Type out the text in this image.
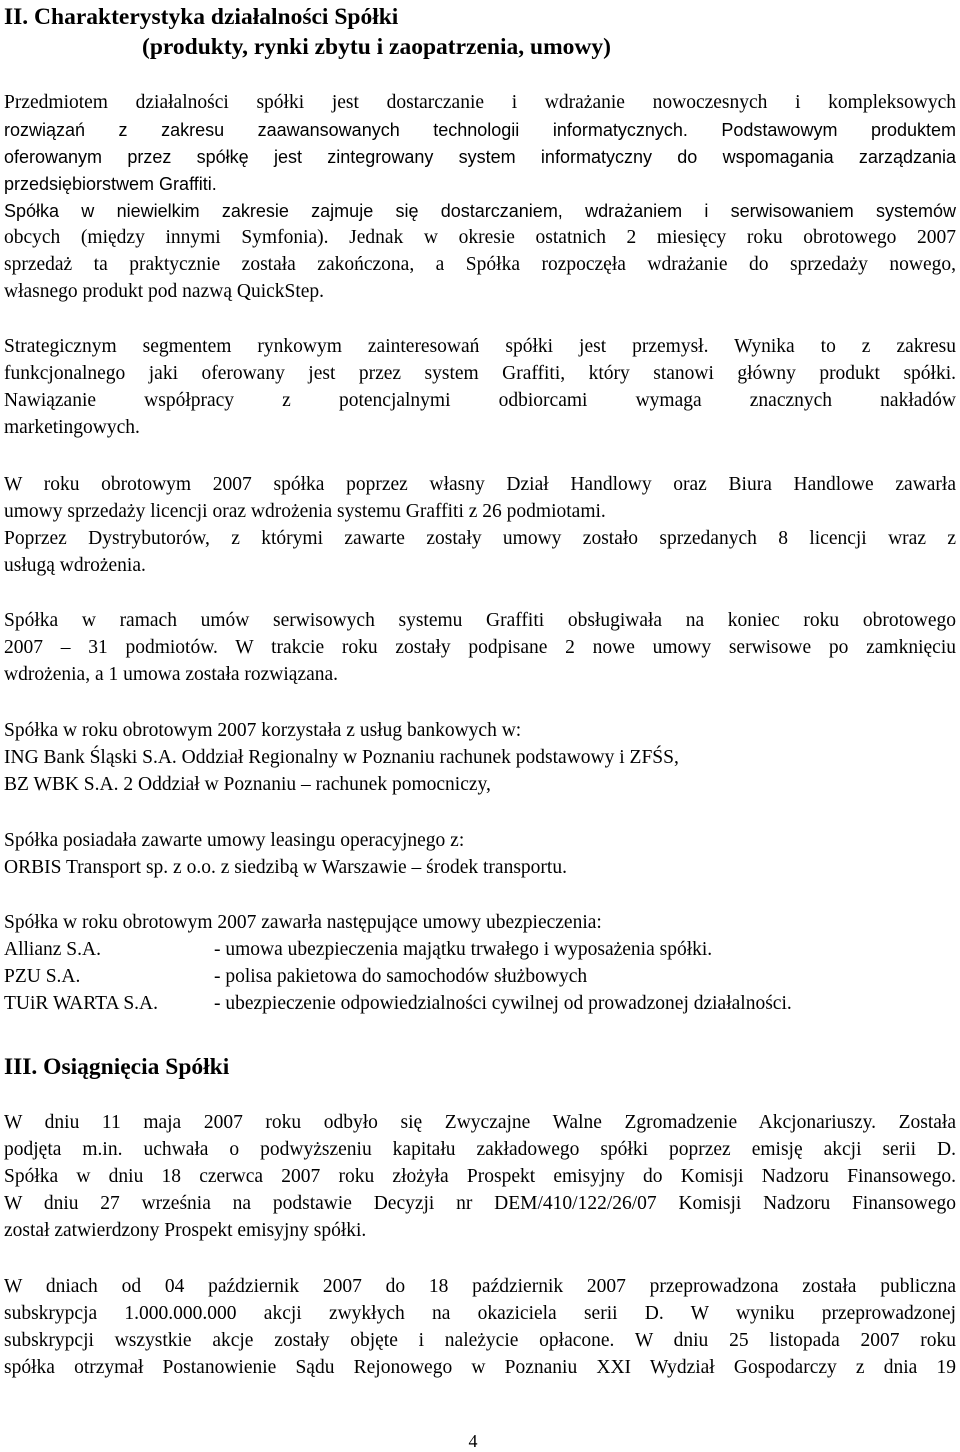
II. Charakterystyka działalności Spółki
(produkty, rynki zbytu i zaopatrzenia, umowy)
Przedmiotem działalności spółki jest dostarczanie i wdrażanie nowoczesnych i kompleksowych
rozwiązań z zakresu zaawansowanych technologii informatycznych. Podstawowym produktem
oferowanym przez spółkę jest zintegrowany system informatyczny do wspomagania zarządzania
przedsiębiorstwem Graffiti.
Spółka w niewielkim zakresie zajmuje się dostarczaniem, wdrażaniem i serwisowaniem systemów
obcych (między innymi Symfonia). Jednak w okresie ostatnich 2 miesięcy roku obrotowego 2007
sprzedaż ta praktycznie została zakończona, a Spółka rozpoczęła wdrażanie do sprzedaży nowego,
własnego produkt pod nazwą QuickStep.
Strategicznym segmentem rynkowym zainteresowań spółki jest przemysł. Wynika to z zakresu
funkcjonalnego jaki oferowany jest przez system Graffiti, który stanowi główny produkt spółki.
Nawiązanie współpracy z potencjalnymi odbiorcami wymaga znacznych nakładów
marketingowych.
W roku obrotowym 2007 spółka poprzez własny Dział Handlowy oraz Biura Handlowe zawarła
umowy sprzedaży licencji oraz wdrożenia systemu Graffiti z 26 podmiotami.
Poprzez Dystrybutorów, z którymi zawarte zostały umowy zostało sprzedanych 8 licencji wraz z
usługą wdrożenia.
Spółka w ramach umów serwisowych systemu Graffiti obsługiwała na koniec roku obrotowego
2007 – 31 podmiotów. W trakcie roku zostały podpisane 2 nowe umowy serwisowe po zamknięciu
wdrożenia, a 1 umowa została rozwiązana.
Spółka w roku obrotowym 2007 korzystała z usług bankowych w:
ING Bank Śląski S.A. Oddział Regionalny w Poznaniu rachunek podstawowy i ZFŚS,
BZ WBK S.A. 2 Oddział w Poznaniu – rachunek pomocniczy,
Spółka posiadała zawarte umowy leasingu operacyjnego z:
ORBIS Transport sp. z o.o. z siedzibą w Warszawie – środek transportu.
Spółka w roku obrotowym 2007 zawarła następujące umowy ubezpieczenia:
Allianz S.A.	- umowa ubezpieczenia majątku trwałego i wyposażenia spółki.
PZU S.A.	- polisa pakietowa do samochodów służbowych
TUiR WARTA S.A.	- ubezpieczenie odpowiedzialności cywilnej od prowadzonej działalności.
III. Osiągnięcia Spółki
W dniu 11 maja 2007 roku odbyło się Zwyczajne Walne Zgromadzenie Akcjonariuszy. Została
podjęta m.in. uchwała o podwyższeniu kapitału zakładowego spółki poprzez emisję akcji serii D.
Spółka w dniu 18 czerwca 2007 roku złożyła Prospekt emisyjny do Komisji Nadzoru Finansowego.
W dniu 27 września na podstawie Decyzji nr DEM/410/122/26/07 Komisji Nadzoru Finansowego
został zatwierdzony Prospekt emisyjny spółki.
W dniach od 04 październik 2007 do 18 październik 2007 przeprowadzona została publiczna
subskrypcja 1.000.000.000 akcji zwykłych na okaziciela serii D. W wyniku przeprowadzonej
subskrypcji wszystkie akcje zostały objęte i należycie opłacone. W dniu 25 listopada 2007 roku
spółka otrzymał Postanowienie Sądu Rejonowego w Poznaniu XXI Wydział Gospodarczy z dnia 19
4
